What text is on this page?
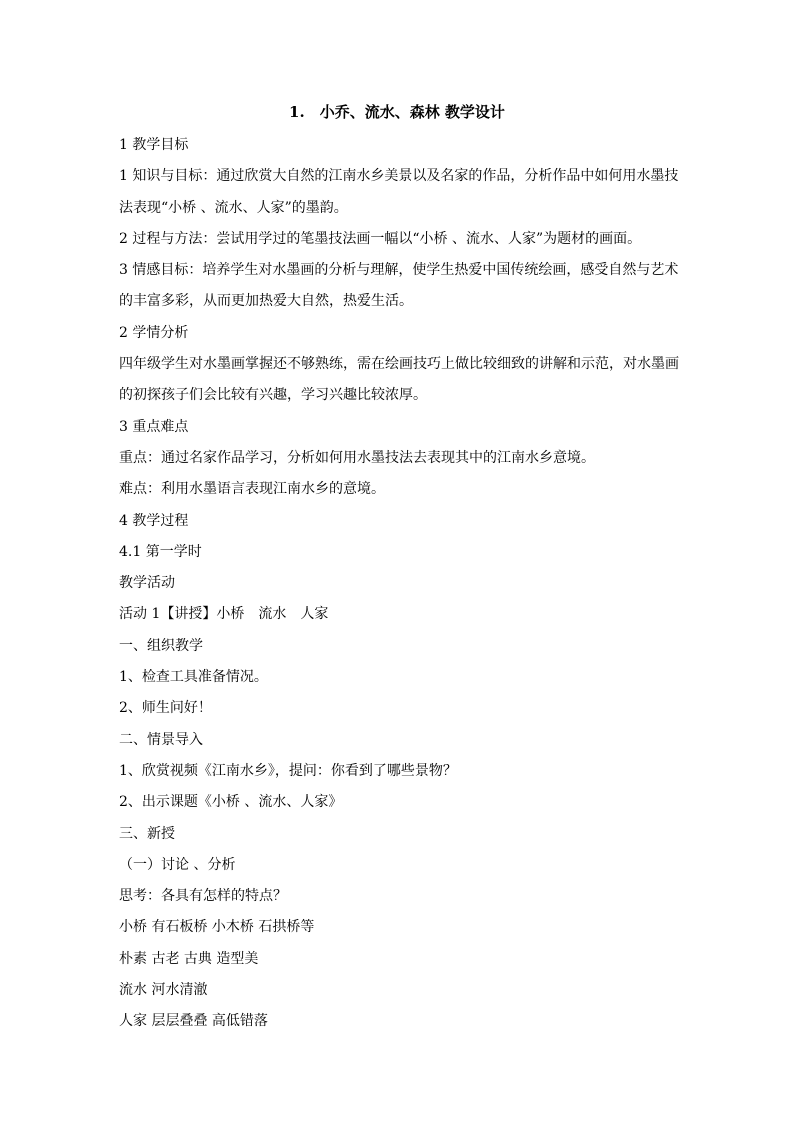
1.　小乔、流水、森林 教学设计
1 教学目标
1 知识与目标：通过欣赏大自然的江南水乡美景以及名家的作品，分析作品中如何用水墨技法表现“小桥 、流水、人家”的墨韵。
2 过程与方法：尝试用学过的笔墨技法画一幅以“小桥 、流水、人家”为题材的画面。
3 情感目标：培养学生对水墨画的分析与理解，使学生热爱中国传统绘画，感受自然与艺术的丰富多彩，从而更加热爱大自然，热爱生活。
2 学情分析
四年级学生对水墨画掌握还不够熟练，需在绘画技巧上做比较细致的讲解和示范，对水墨画的初探孩子们会比较有兴趣，学习兴趣比较浓厚。
3 重点难点
重点：通过名家作品学习，分析如何用水墨技法去表现其中的江南水乡意境。
难点：利用水墨语言表现江南水乡的意境。
4 教学过程
4.1 第一学时
教学活动
活动 1【讲授】小桥　流水　人家
一、组织教学
1、检查工具准备情况。
2、师生问好！
二、情景导入
1、欣赏视频《江南水乡》，提问：你看到了哪些景物？
2、出示课题《小桥 、流水、人家》
三、新授
（一）讨论 、分析
思考：各具有怎样的特点？
小桥 有石板桥 小木桥 石拱桥等
朴素 古老 古典 造型美
流水 河水清澈
人家 层层叠叠 高低错落
